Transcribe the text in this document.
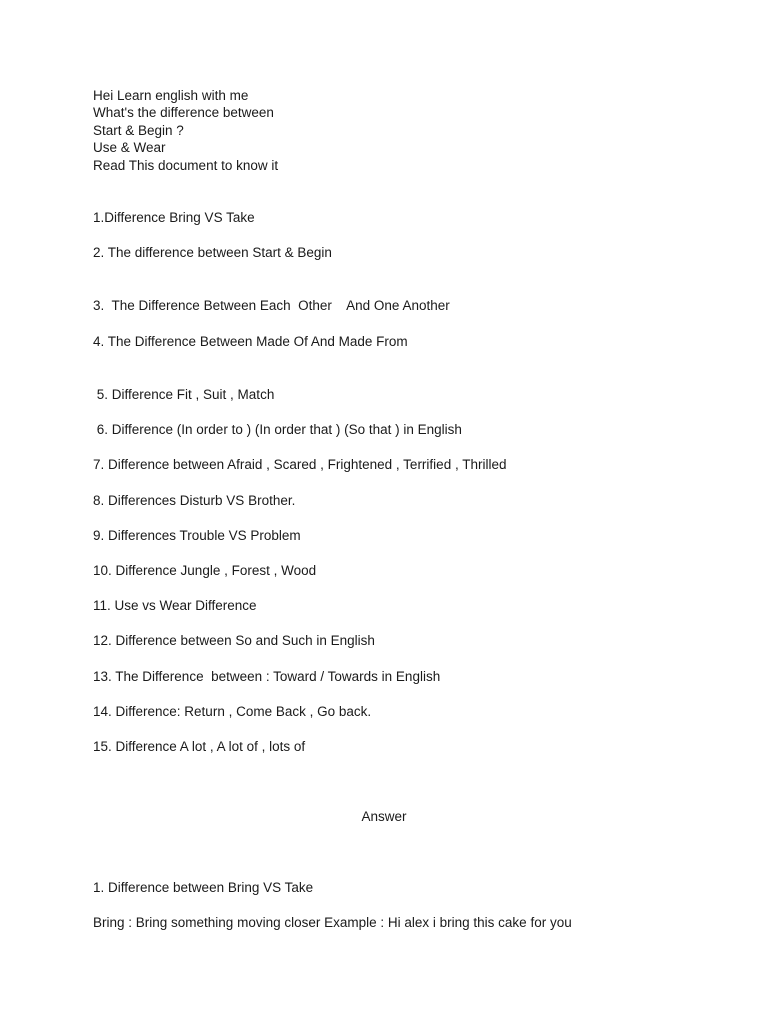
Hei Learn english with me
What's the difference between
Start & Begin ?
Use & Wear
Read This document to know it
1.Difference Bring VS Take
2. The difference between Start & Begin
3.  The Difference Between Each  Other    And One Another
4. The Difference Between Made Of And Made From
5. Difference Fit , Suit , Match
6. Difference (In order to ) (In order that ) (So that ) in English
7. Difference between Afraid , Scared , Frightened , Terrified , Thrilled
8. Differences Disturb VS Brother.
9. Differences Trouble VS Problem
10. Difference Jungle , Forest , Wood
11. Use vs Wear Difference
12. Difference between So and Such in English
13. The Difference  between : Toward / Towards in English
14. Difference: Return , Come Back , Go back.
15. Difference A lot , A lot of , lots of
Answer
1. Difference between Bring VS Take
Bring : Bring something moving closer Example : Hi alex i bring this cake for you
